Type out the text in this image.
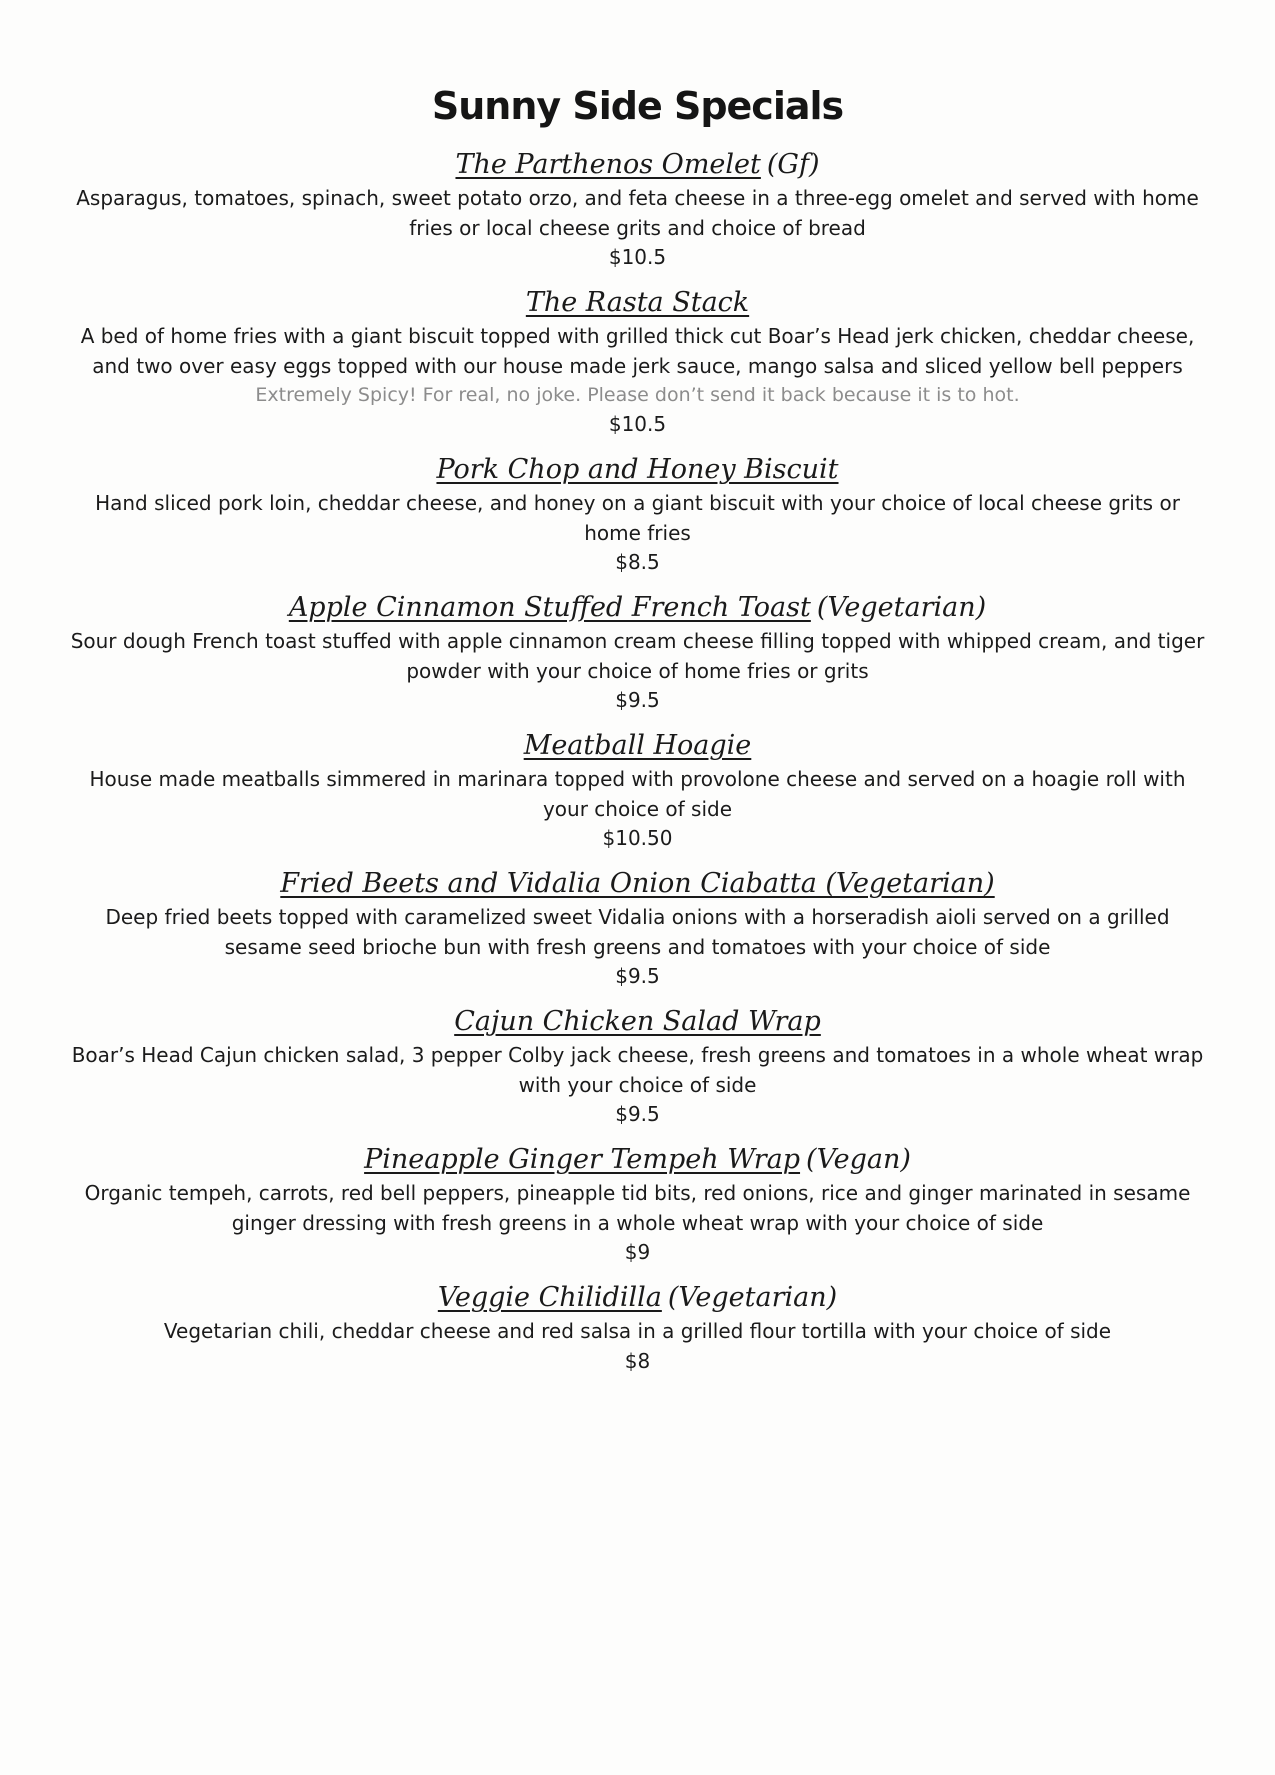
Sunny Side Specials

The Parthenos Omelet (Gf)

Asparagus, tomatoes, spinach, sweet potato orzo, and feta cheese in a three-egg omelet and served with home fries or local cheese grits and choice of bread

$10.5

The Rasta Stack

A bed of home fries with a giant biscuit topped with grilled thick cut Boar’s Head jerk chicken, cheddar cheese, and two over easy eggs topped with our house made jerk sauce, mango salsa and sliced yellow bell peppers

Extremely Spicy! For real, no joke. Please don’t send it back because it is to hot.

$10.5

Pork Chop and Honey Biscuit

Hand sliced pork loin, cheddar cheese, and honey on a giant biscuit with your choice of local cheese grits or home fries

$8.5

Apple Cinnamon Stuffed French Toast (Vegetarian)

Sour dough French toast stuffed with apple cinnamon cream cheese filling topped with whipped cream, and tiger powder with your choice of home fries or grits

$9.5

Meatball Hoagie

House made meatballs simmered in marinara topped with provolone cheese and served on a hoagie roll with your choice of side

$10.50

Fried Beets and Vidalia Onion Ciabatta (Vegetarian)

Deep fried beets topped with caramelized sweet Vidalia onions with a horseradish aioli served on a grilled sesame seed brioche bun with fresh greens and tomatoes with your choice of side

$9.5

Cajun Chicken Salad Wrap

Boar’s Head Cajun chicken salad, 3 pepper Colby jack cheese, fresh greens and tomatoes in a whole wheat wrap with your choice of side

$9.5

Pineapple Ginger Tempeh Wrap (Vegan)

Organic tempeh, carrots, red bell peppers, pineapple tid bits, red onions, rice and ginger marinated in sesame ginger dressing with fresh greens in a whole wheat wrap with your choice of side

$9

Veggie Chilidilla (Vegetarian)

Vegetarian chili, cheddar cheese and red salsa in a grilled flour tortilla with your choice of side

$8
